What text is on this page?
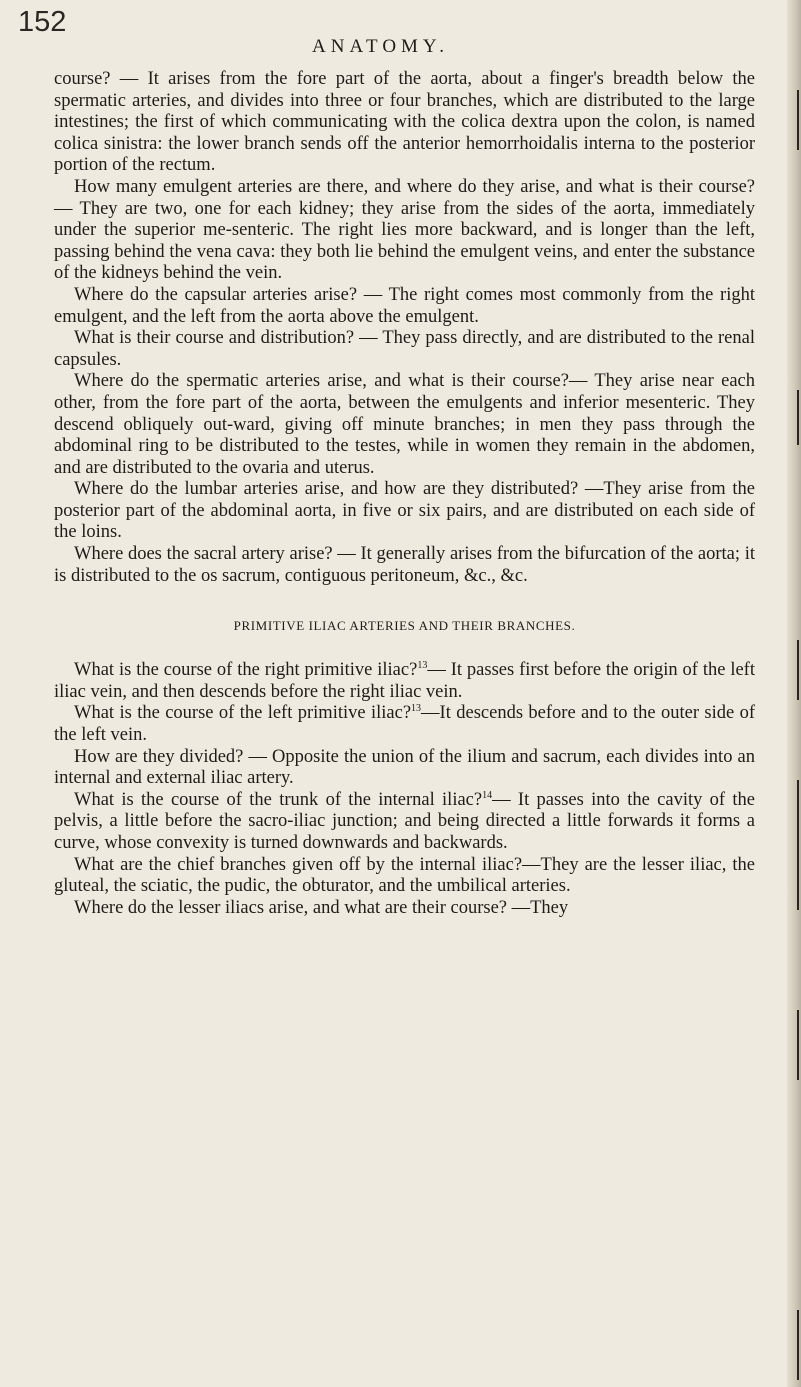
152
ANATOMY.

course? — It arises from the fore part of the aorta, about a finger's breadth below the spermatic arteries, and divides into three or four branches, which are distributed to the large intestines; the first of which communicating with the colica dextra upon the colon, is named colica sinistra: the lower branch sends off the anterior hemorrhoidalis interna to the posterior portion of the rectum.

How many emulgent arteries are there, and where do they arise, and what is their course? — They are two, one for each kidney; they arise from the sides of the aorta, immediately under the superior me-senteric. The right lies more backward, and is longer than the left, passing behind the vena cava: they both lie behind the emulgent veins, and enter the substance of the kidneys behind the vein.

Where do the capsular arteries arise? — The right comes most commonly from the right emulgent, and the left from the aorta above the emulgent.

What is their course and distribution? — They pass directly, and are distributed to the renal capsules.

Where do the spermatic arteries arise, and what is their course?— They arise near each other, from the fore part of the aorta, between the emulgents and inferior mesenteric. They descend obliquely out-ward, giving off minute branches; in men they pass through the abdominal ring to be distributed to the testes, while in women they remain in the abdomen, and are distributed to the ovaria and uterus.

Where do the lumbar arteries arise, and how are they distributed? —They arise from the posterior part of the abdominal aorta, in five or six pairs, and are distributed on each side of the loins.

Where does the sacral artery arise? — It generally arises from the bifurcation of the aorta; it is distributed to the os sacrum, contiguous peritoneum, &c., &c.

PRIMITIVE ILIAC ARTERIES AND THEIR BRANCHES.

What is the course of the right primitive iliac?$^{13}$— It passes first before the origin of the left iliac vein, and then descends before the right iliac vein.

What is the course of the left primitive iliac?$^{13}$—It descends before and to the outer side of the left vein.

How are they divided? — Opposite the union of the ilium and sacrum, each divides into an internal and external iliac artery.

What is the course of the trunk of the internal iliac?$^{14}$— It passes into the cavity of the pelvis, a little before the sacro-iliac junction; and being directed a little forwards it forms a curve, whose convexity is turned downwards and backwards.

What are the chief branches given off by the internal iliac?—They are the lesser iliac, the gluteal, the sciatic, the pudic, the obturator, and the umbilical arteries.

Where do the lesser iliacs arise, and what are their course? —They
